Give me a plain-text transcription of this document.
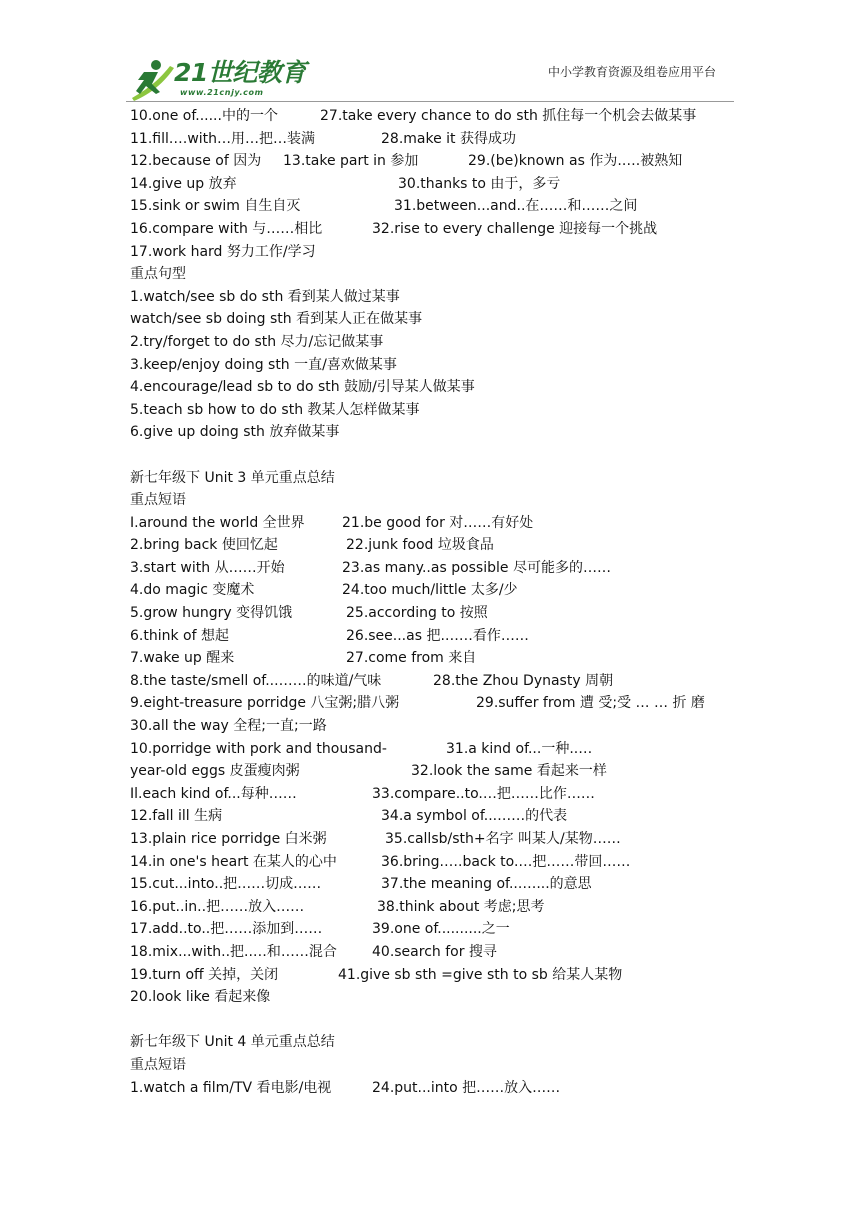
21世纪教育
www.21cnjy.com
中小学教育资源及组卷应用平台
10.one of......中的一个	27.take every chance to do sth 抓住每一个机会去做某事
11.fill.…with…用…把…装满	28.make it 获得成功
12.because of 因为 13.take part in 参加	29.(be)known as 作为.….被熟知
14.give up 放弃	30.thanks to 由于，多亏
15.sink or swim 自生自灭	31.between...and..在……和……之间
16.compare with 与……相比	32.rise to every challenge 迎接每一个挑战
17.work hard 努力工作/学习
重点句型
1.watch/see sb do sth 看到某人做过某事
watch/see sb doing sth 看到某人正在做某事
2.try/forget to do sth 尽力/忘记做某事
3.keep/enjoy doing sth 一直/喜欢做某事
4.encourage/lead sb to do sth 鼓励/引导某人做某事
5.teach sb how to do sth 教某人怎样做某事
6.give up doing sth 放弃做某事
新七年级下 Unit 3 单元重点总结
重点短语
I.around the world 全世界	21.be good for 对……有好处
2.bring back 使回忆起	22.junk food 垃圾食品
3.start with 从……开始	23.as many..as possible 尽可能多的……
4.do magic 变魔术	24.too much/little 太多/少
5.grow hungry 变得饥饿	25.according to 按照
6.think of 想起	26.see...as 把.……看作……
7.wake up 醒来	27.come from 来自
8.the taste/smell of...……的味道/气味	28.the Zhou Dynasty 周朝
9.eight-treasure porridge 八宝粥;腊八粥	29.suffer from 遭 受;受 … … 折 磨
30.all the way 全程;一直;一路
10.porridge with pork and thousand-	31.a kind of...一种..…
year-old eggs 皮蛋瘦肉粥	32.look the same 看起来一样
Il.each kind of...每种……	33.compare..to.…把……比作……
12.fall ill 生病	34.a symbol of...……的代表
13.plain rice porridge 白米粥	35.callsb/sth+名字 叫某人/某物……
14.in one's heart 在某人的心中	36.bring.….back to.…把……带回……
15.cut...into..把……切成……	37.the meaning of...…...的意思
16.put..in..把……放入……	38.think about 考虑;思考
17.add..to..把……添加到……	39.one of..........之一
18.mix...with..把..…和……混合	40.search for 搜寻
19.turn off 关掉，关闭	41.give sb sth =give sth to sb 给某人某物
20.look like 看起来像
新七年级下 Unit 4 单元重点总结
重点短语
1.watch a film/TV 看电影/电视	24.put...into 把……放入……
